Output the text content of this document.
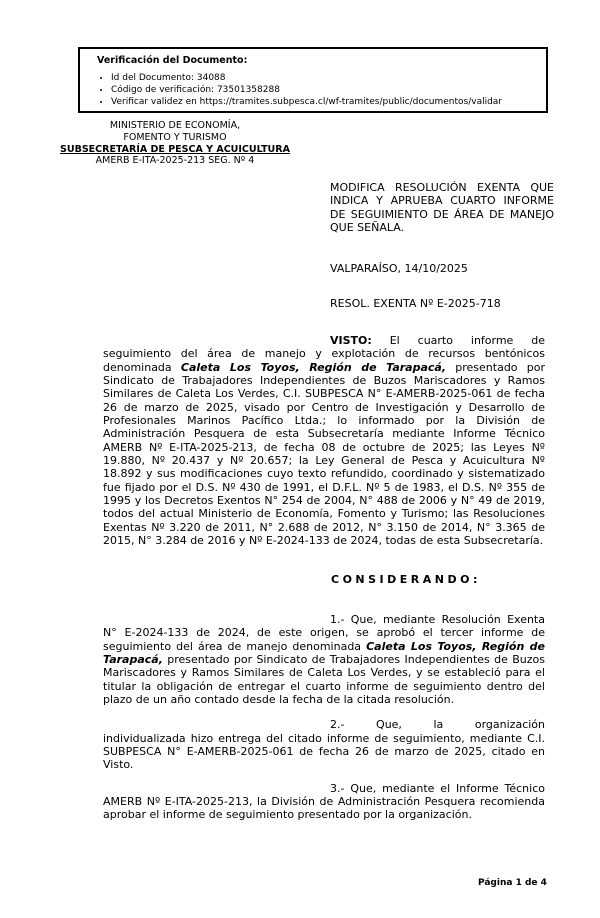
Verificación del Documento:
• Id del Documento: 34088
• Código de verificación: 73501358288
• Verificar validez en https://tramites.subpesca.cl/wf-tramites/public/documentos/validar
MINISTERIO DE ECONOMÍA,
FOMENTO Y TURISMO
SUBSECRETARÍA DE PESCA Y ACUICULTURA
AMERB E-ITA-2025-213 SEG. Nº 4
MODIFICA RESOLUCIÓN EXENTA QUE INDICA Y APRUEBA CUARTO INFORME DE SEGUIMIENTO DE ÁREA DE MANEJO QUE SEÑALA.
VALPARAÍSO, 14/10/2025
RESOL. EXENTA Nº E-2025-718

VISTO: El cuarto informe de seguimiento del área de manejo y explotación de recursos bentónicos denominada Caleta Los Toyos, Región de Tarapacá, presentado por Sindicato de Trabajadores Independientes de Buzos Mariscadores y Ramos Similares de Caleta Los Verdes, C.I. SUBPESCA N° E-AMERB-2025-061 de fecha 26 de marzo de 2025, visado por Centro de Investigación y Desarrollo de Profesionales Marinos Pacífico Ltda.; lo informado por la División de Administración Pesquera de esta Subsecretaría mediante Informe Técnico AMERB Nº E-ITA-2025-213, de fecha 08 de octubre de 2025; las Leyes Nº 19.880, Nº 20.437 y Nº 20.657; la Ley General de Pesca y Acuicultura Nº 18.892 y sus modificaciones cuyo texto refundido, coordinado y sistematizado fue fijado por el D.S. Nº 430 de 1991, el D.F.L. Nº 5 de 1983, el D.S. Nº 355 de 1995 y los Decretos Exentos N° 254 de 2004, N° 488 de 2006 y N° 49 de 2019, todos del actual Ministerio de Economía, Fomento y Turismo; las Resoluciones Exentas Nº 3.220 de 2011, N° 2.688 de 2012, N° 3.150 de 2014, N° 3.365 de 2015, N° 3.284 de 2016 y Nº E-2024-133 de 2024, todas de esta Subsecretaría.

CONSIDERANDO:

1.- Que, mediante Resolución Exenta N° E-2024-133 de 2024, de este origen, se aprobó el tercer informe de seguimiento del área de manejo denominada Caleta Los Toyos, Región de Tarapacá, presentado por Sindicato de Trabajadores Independientes de Buzos Mariscadores y Ramos Similares de Caleta Los Verdes, y se estableció para el titular la obligación de entregar el cuarto informe de seguimiento dentro del plazo de un año contado desde la fecha de la citada resolución.

2.- Que, la organización individualizada hizo entrega del citado informe de seguimiento, mediante C.I. SUBPESCA N° E-AMERB-2025-061 de fecha 26 de marzo de 2025, citado en Visto.

3.- Que, mediante el Informe Técnico AMERB Nº E-ITA-2025-213, la División de Administración Pesquera recomienda aprobar el informe de seguimiento presentado por la organización.

Página 1 de 4
